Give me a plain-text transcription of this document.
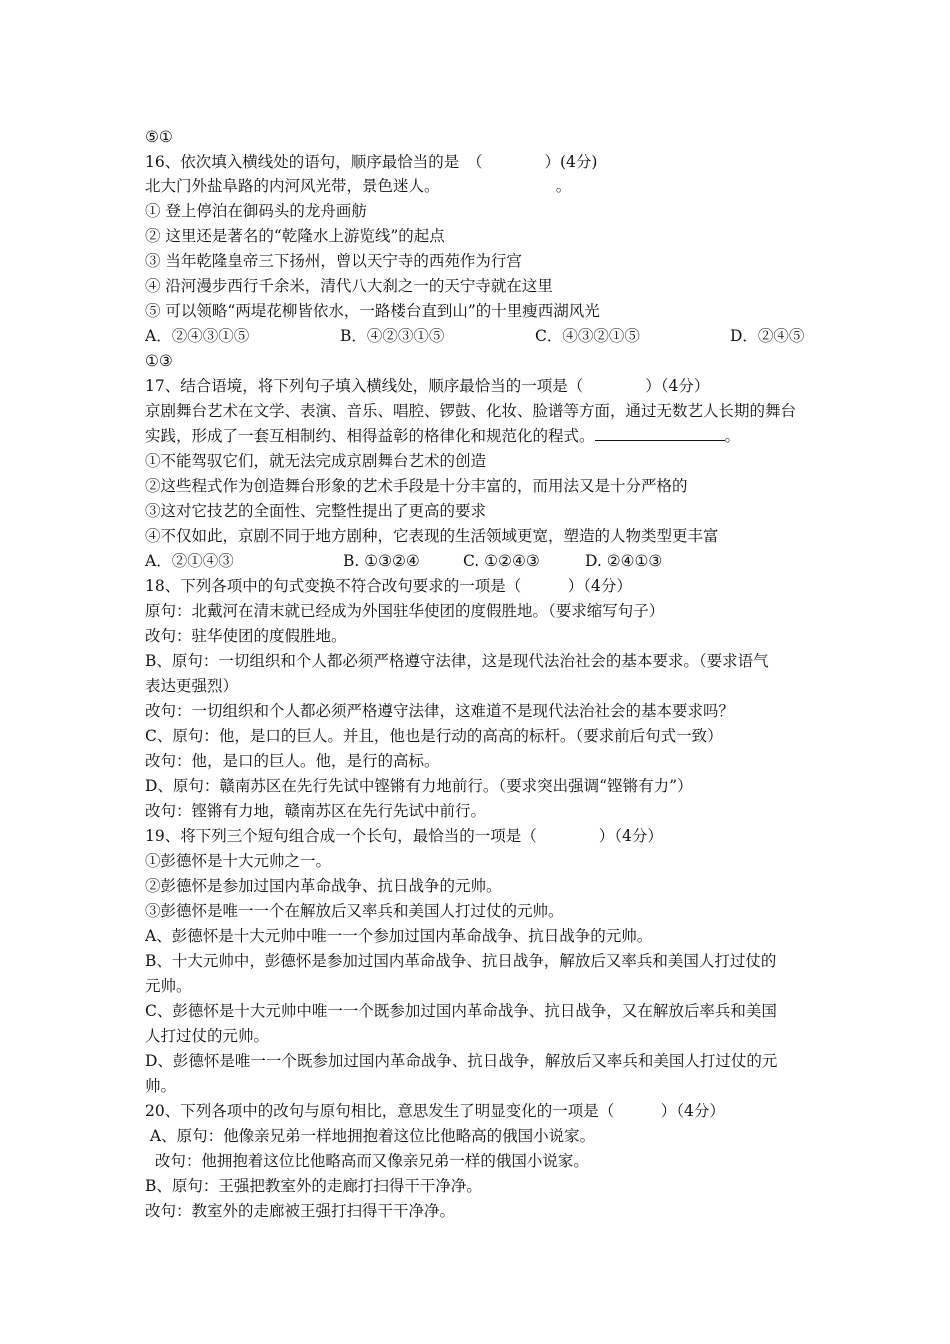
⑤①
16、依次填入横线处的语句，顺序最恰当的是　（　　　　）(4分)
北大门外盐阜路的内河风光带，景色迷人。　　　　　　　　。
① 登上停泊在御码头的龙舟画舫
② 这里还是著名的“乾隆水上游览线”的起点
③ 当年乾隆皇帝三下扬州，曾以天宁寺的西苑作为行宫
④ 沿河漫步西行千余米，清代八大刹之一的天宁寺就在这里
⑤ 可以领略“两堤花柳皆依水，一路楼台直到山”的十里瘦西湖风光
A．②④③①⑤	B．④②③①⑤	C．④③②①⑤	D．②④⑤
①③
17、结合语境，将下列句子填入横线处，顺序最恰当的一项是（　　　　）（4分）
京剧舞台艺术在文学、表演、音乐、唱腔、锣鼓、化妆、脸谱等方面，通过无数艺人长期的舞台
实践，形成了一套互相制约、相得益彰的格律化和规范化的程式。	。
①不能驾驭它们，就无法完成京剧舞台艺术的创造
②这些程式作为创造舞台形象的艺术手段是十分丰富的，而用法又是十分严格的
③这对它技艺的全面性、完整性提出了更高的要求
④不仅如此，京剧不同于地方剧种，它表现的生活领域更宽，塑造的人物类型更丰富
A．②①④③	B. ①③②④	C. ①②④③	D. ②④①③
18、下列各项中的句式变换不符合改句要求的一项是（　　　）（4分）
原句：北戴河在清末就已经成为外国驻华使团的度假胜地。（要求缩写句子）
改句：驻华使团的度假胜地。
B、原句：一切组织和个人都必须严格遵守法律，这是现代法治社会的基本要求。（要求语气
表达更强烈）
改句：一切组织和个人都必须严格遵守法律，这难道不是现代法治社会的基本要求吗？
C、原句：他，是口的巨人。并且，他也是行动的高高的标杆。（要求前后句式一致）
改句：他，是口的巨人。他，是行的高标。
D、原句：赣南苏区在先行先试中铿锵有力地前行。（要求突出强调“铿锵有力”）
改句：铿锵有力地，赣南苏区在先行先试中前行。
19、将下列三个短句组合成一个长句，最恰当的一项是（　　　　）（4分）
①彭德怀是十大元帅之一。
②彭德怀是参加过国内革命战争、抗日战争的元帅。
③彭德怀是唯一一个在解放后又率兵和美国人打过仗的元帅。
A、彭德怀是十大元帅中唯一一个参加过国内革命战争、抗日战争的元帅。
B、十大元帅中，彭德怀是参加过国内革命战争、抗日战争，解放后又率兵和美国人打过仗的
元帅。
C、彭德怀是十大元帅中唯一一个既参加过国内革命战争、抗日战争，又在解放后率兵和美国
人打过仗的元帅。
D、彭德怀是唯一一个既参加过国内革命战争、抗日战争，解放后又率兵和美国人打过仗的元
帅。
20、下列各项中的改句与原句相比，意思发生了明显变化的一项是（　　　）（4分）
A、原句：他像亲兄弟一样地拥抱着这位比他略高的俄国小说家。
改句：他拥抱着这位比他略高而又像亲兄弟一样的俄国小说家。
B、原句：王强把教室外的走廊打扫得干干净净。
改句：教室外的走廊被王强打扫得干干净净。
